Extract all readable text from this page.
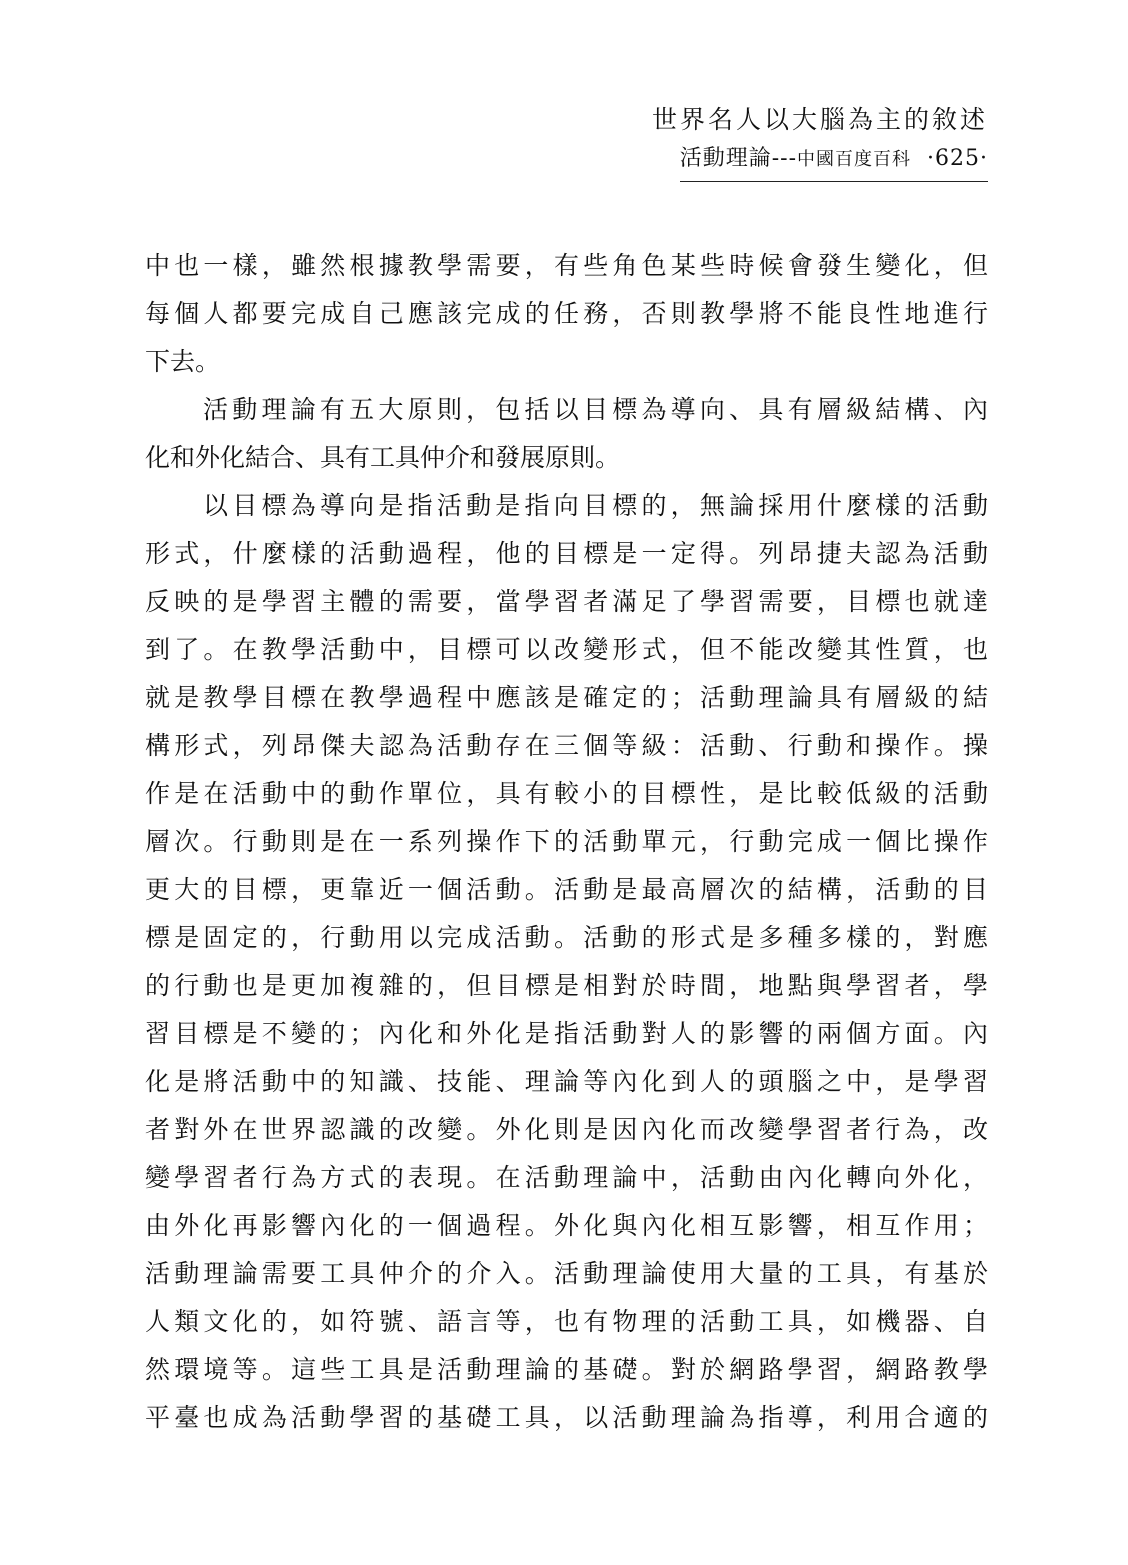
世界名人以大腦為主的敘述
活動理論---中國百度百科 ·625·
中也一樣，雖然根據教學需要，有些角色某些時候會發生變化，但
每個人都要完成自己應該完成的任務，否則教學將不能良性地進行
下去。
活動理論有五大原則，包括以目標為導向、具有層級結構、內
化和外化結合、具有工具仲介和發展原則。
以目標為導向是指活動是指向目標的，無論採用什麼樣的活動
形式，什麼樣的活動過程，他的目標是一定得。列昂捷夫認為活動
反映的是學習主體的需要，當學習者滿足了學習需要，目標也就達
到了。在教學活動中，目標可以改變形式，但不能改變其性質，也
就是教學目標在教學過程中應該是確定的；活動理論具有層級的結
構形式，列昂傑夫認為活動存在三個等級：活動、行動和操作。操
作是在活動中的動作單位，具有較小的目標性，是比較低級的活動
層次。行動則是在一系列操作下的活動單元，行動完成一個比操作
更大的目標，更靠近一個活動。活動是最高層次的結構，活動的目
標是固定的，行動用以完成活動。活動的形式是多種多樣的，對應
的行動也是更加複雜的，但目標是相對於時間，地點與學習者，學
習目標是不變的；內化和外化是指活動對人的影響的兩個方面。內
化是將活動中的知識、技能、理論等內化到人的頭腦之中，是學習
者對外在世界認識的改變。外化則是因內化而改變學習者行為，改
變學習者行為方式的表現。在活動理論中，活動由內化轉向外化，
由外化再影響內化的一個過程。外化與內化相互影響，相互作用；
活動理論需要工具仲介的介入。活動理論使用大量的工具，有基於
人類文化的，如符號、語言等，也有物理的活動工具，如機器、自
然環境等。這些工具是活動理論的基礎。對於網路學習，網路教學
平臺也成為活動學習的基礎工具，以活動理論為指導，利用合適的
